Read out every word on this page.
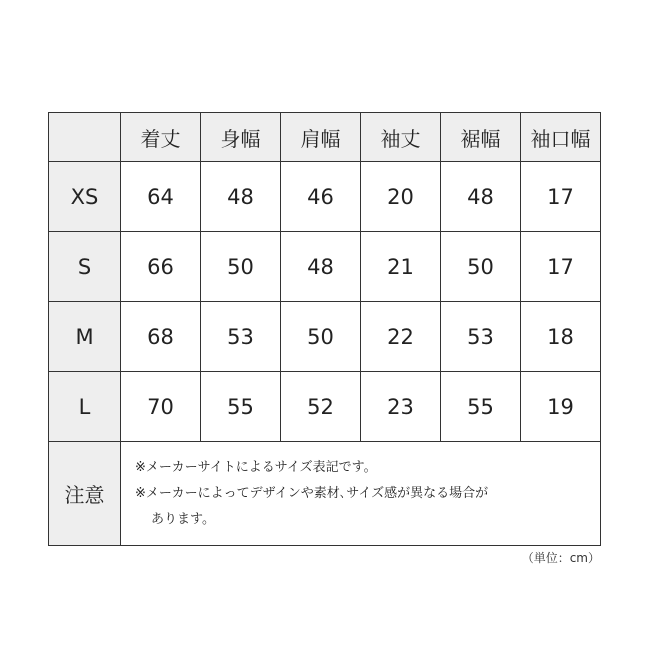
	着丈	身幅	肩幅	袖丈	裾幅	袖口幅
XS	64	48	46	20	48	17
S	66	50	48	21	50	17
M	68	53	50	22	53	18
L	70	55	52	23	55	19
注意	※メーカーサイトによるサイズ表記です。
※メーカーによってデザインや素材､サイズ感が異なる場合が
あります。					
（単位：cm）
